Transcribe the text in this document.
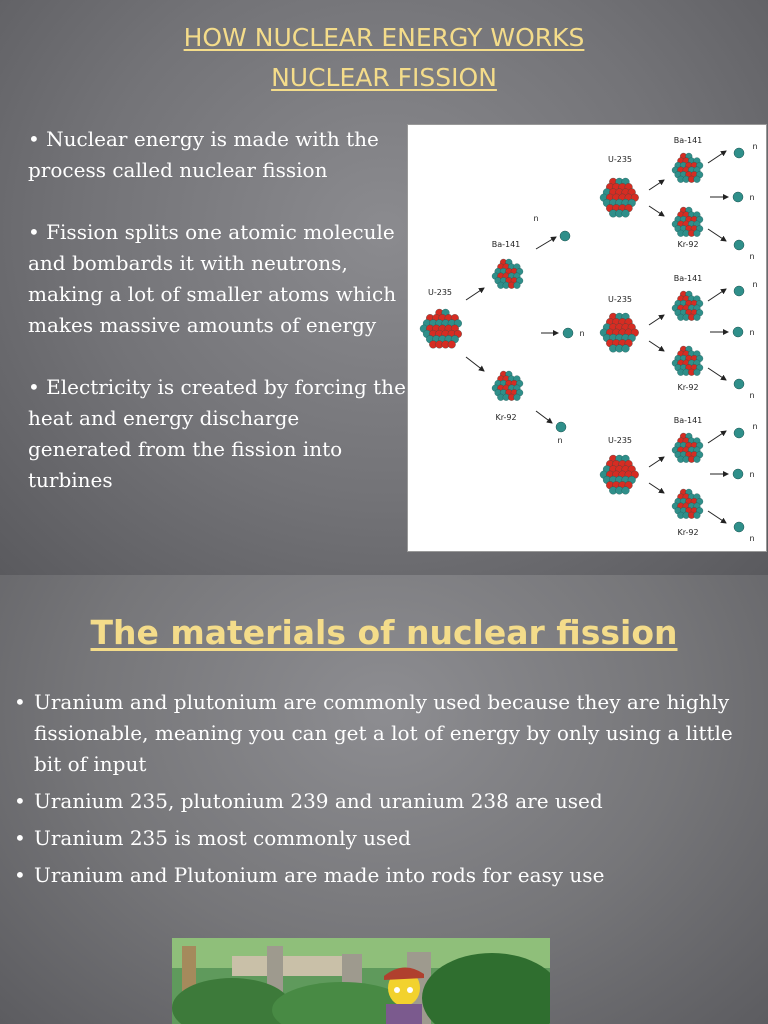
HOW NUCLEAR ENERGY WORKS
NUCLEAR FISSION

• Nuclear energy is made with the process called nuclear fission

• Fission splits one atomic molecule and bombards it with neutrons, making a lot of smaller atoms which makes massive amounts of energy

• Electricity is created by forcing the heat and energy discharge generated from the fission into turbines

U-235
Ba-141
Kr-92
n
n
n
U-235
Ba-141
Kr-92
n
n
n
U-235
Ba-141
Kr-92
n
n
n
U-235
Ba-141
Kr-92
n
n
n
The materials of nuclear fission
• Uranium and plutonium are commonly used because they are highly fissionable, meaning you can get a lot of energy by only using a little bit of input
• Uranium 235, plutonium 239 and uranium 238 are used
• Uranium 235 is most commonly used
• Uranium and Plutonium are made into rods for easy use
